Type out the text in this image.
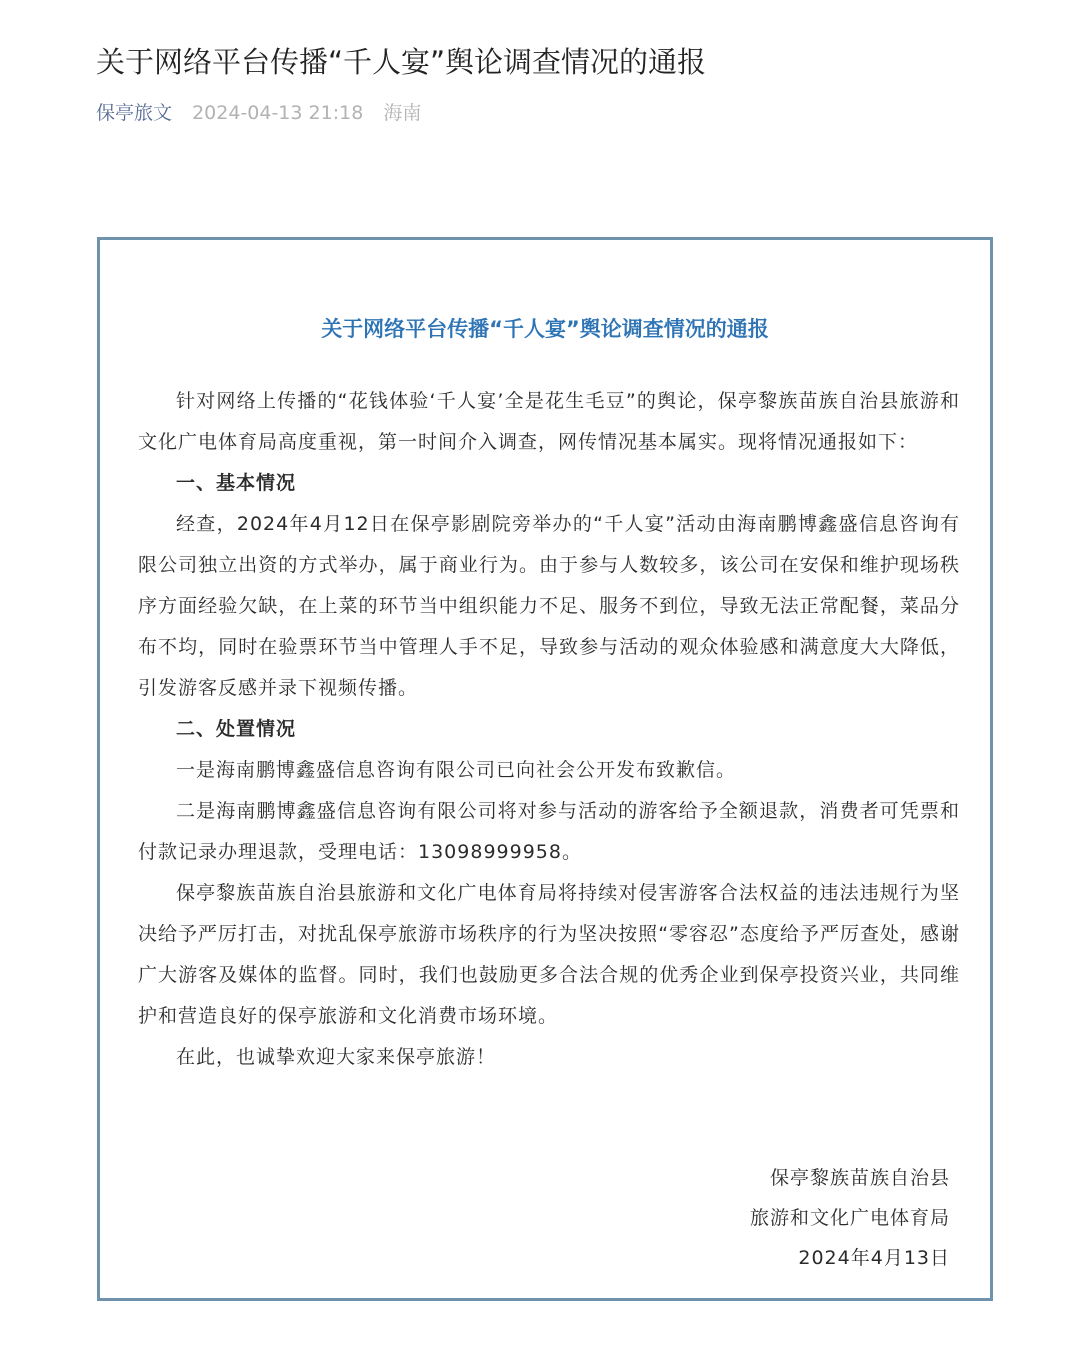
关于网络平台传播“千人宴”舆论调查情况的通报
保亭旅文 2024-04-13 21:18 海南
关于网络平台传播“千人宴”舆论调查情况的通报

针对网络上传播的“花钱体验‘千人宴’全是花生毛豆”的舆论，保亭黎族苗族自治县旅游和文化广电体育局高度重视，第一时间介入调查，网传情况基本属实。现将情况通报如下：

一、基本情况

经查，2024年4月12日在保亭影剧院旁举办的“千人宴”活动由海南鹏博鑫盛信息咨询有限公司独立出资的方式举办，属于商业行为。由于参与人数较多，该公司在安保和维护现场秩序方面经验欠缺，在上菜的环节当中组织能力不足、服务不到位，导致无法正常配餐，菜品分布不均，同时在验票环节当中管理人手不足，导致参与活动的观众体验感和满意度大大降低，引发游客反感并录下视频传播。

二、处置情况

一是海南鹏博鑫盛信息咨询有限公司已向社会公开发布致歉信。

二是海南鹏博鑫盛信息咨询有限公司将对参与活动的游客给予全额退款，消费者可凭票和付款记录办理退款，受理电话：13098999958。

保亭黎族苗族自治县旅游和文化广电体育局将持续对侵害游客合法权益的违法违规行为坚决给予严厉打击，对扰乱保亭旅游市场秩序的行为坚决按照“零容忍”态度给予严厉查处，感谢广大游客及媒体的监督。同时，我们也鼓励更多合法合规的优秀企业到保亭投资兴业，共同维护和营造良好的保亭旅游和文化消费市场环境。

在此，也诚挚欢迎大家来保亭旅游！

保亭黎族苗族自治县
旅游和文化广电体育局
2024年4月13日
